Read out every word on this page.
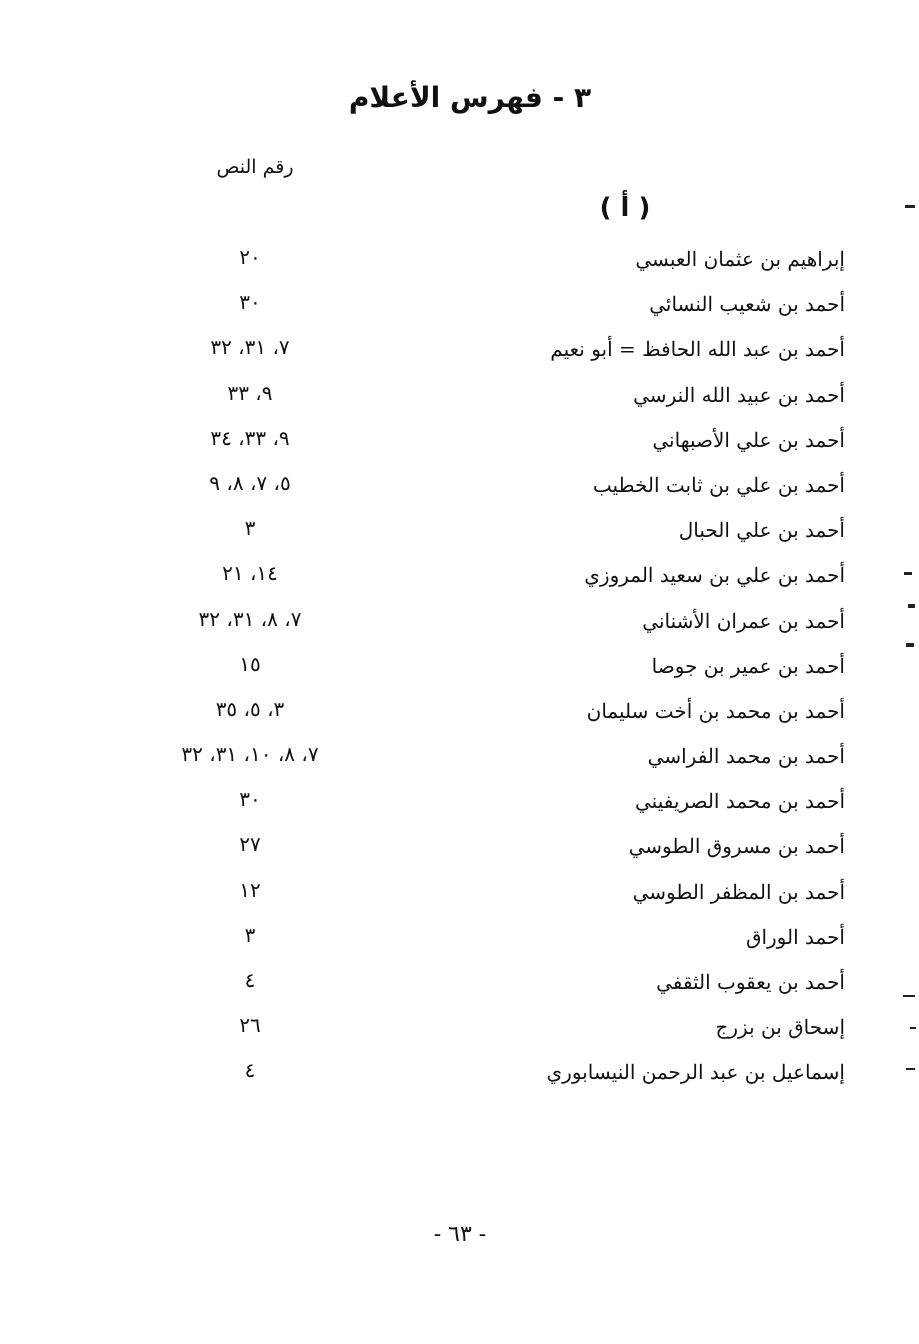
٣ - فهرس الأعلام
رقم النص
( أ )
إبراهيم بن عثمان العبسي
٢٠
أحمد بن شعيب النسائي
٣٠
أحمد بن عبد الله الحافظ = أبو نعيم
٧، ٣١، ٣٢
أحمد بن عبيد الله النرسي
٩، ٣٣
أحمد بن علي الأصبهاني
٩، ٣٣، ٣٤
أحمد بن علي بن ثابت الخطيب
٥، ٧، ٨، ٩
أحمد بن علي الحبال
٣
أحمد بن علي بن سعيد المروزي
١٤، ٢١
أحمد بن عمران الأشناني
٧، ٨، ٣١، ٣٢
أحمد بن عمير بن جوصا
١٥
أحمد بن محمد بن أخت سليمان
٣، ٥، ٣٥
أحمد بن محمد الفراسي
٧، ٨، ١٠، ٣١، ٣٢
أحمد بن محمد الصريفيني
٣٠
أحمد بن مسروق الطوسي
٢٧
أحمد بن المظفر الطوسي
١٢
أحمد الوراق
٣
أحمد بن يعقوب الثقفي
٤
إسحاق بن بزرج
٢٦
إسماعيل بن عبد الرحمن النيسابوري
٤
- ٦٣ -
